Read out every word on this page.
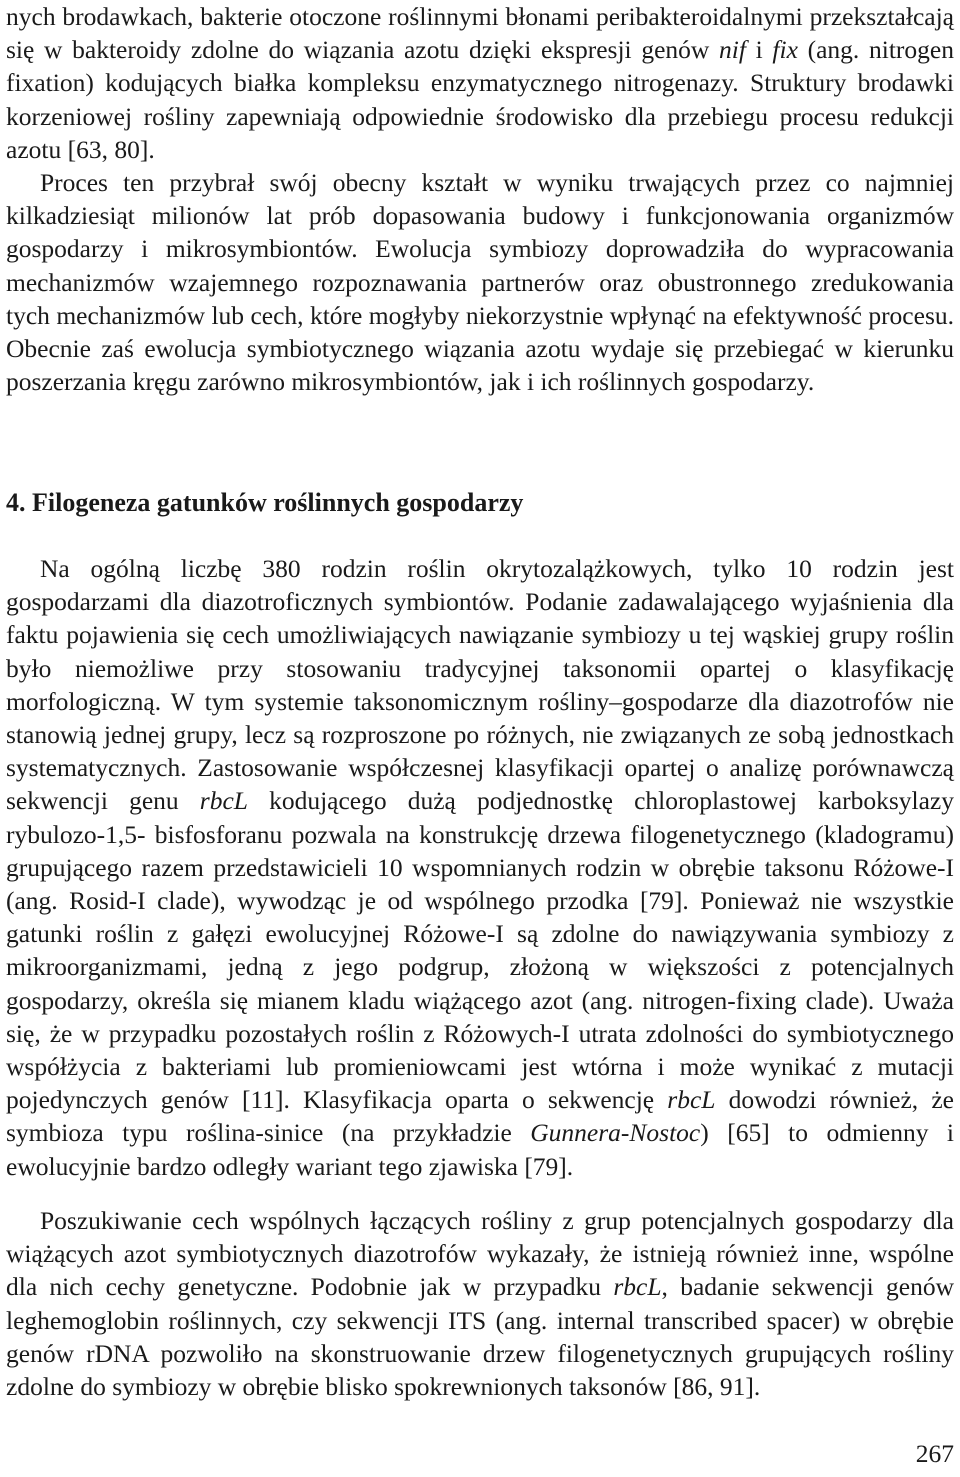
nych brodawkach, bakterie otoczone roślinnymi błonami peribakteroidalnymi przekształcają się w bakteroidy zdolne do wiązania azotu dzięki ekspresji genów nif i fix (ang. nitrogen fixation) kodujących białka kompleksu enzymatycznego nitrogenazy. Struktury brodawki korzeniowej rośliny zapewniają odpowiednie środowisko dla przebiegu procesu redukcji azotu [63, 80].

Proces ten przybrał swój obecny kształt w wyniku trwających przez co najmniej kilkadziesiąt milionów lat prób dopasowania budowy i funkcjonowania organizmów gospodarzy i mikrosymbiontów. Ewolucja symbiozy doprowadziła do wypracowania mechanizmów wzajemnego rozpoznawania partnerów oraz obustronnego zredukowania tych mechanizmów lub cech, które mogłyby niekorzystnie wpłynąć na efektywność procesu. Obecnie zaś ewolucja symbiotycznego wiązania azotu wydaje się przebiegać w kierunku poszerzania kręgu zarówno mikrosymbiontów, jak i ich roślinnych gospodarzy.

4. Filogeneza gatunków roślinnych gospodarzy

Na ogólną liczbę 380 rodzin roślin okrytozalążkowych, tylko 10 rodzin jest gospodarzami dla diazotroficznych symbiontów. Podanie zadawalającego wyjaśnienia dla faktu pojawienia się cech umożliwiających nawiązanie symbiozy u tej wąskiej grupy roślin było niemożliwe przy stosowaniu tradycyjnej taksonomii opartej o klasyfikację morfologiczną. W tym systemie taksonomicznym rośliny–gospodarze dla diazotrofów nie stanowią jednej grupy, lecz są rozproszone po różnych, nie związanych ze sobą jednostkach systematycznych. Zastosowanie współczesnej klasyfikacji opartej o analizę porównawczą sekwencji genu rbcL kodującego dużą podjednostkę chloroplastowej karboksylazy rybulozo-1,5- bisfosforanu pozwala na konstrukcję drzewa filogenetycznego (kladogramu) grupującego razem przedstawicieli 10 wspomnianych rodzin w obrębie taksonu Różowe-I (ang. Rosid-I clade), wywodząc je od wspólnego przodka [79]. Ponieważ nie wszystkie gatunki roślin z gałęzi ewolucyjnej Różowe-I są zdolne do nawiązywania symbiozy z mikroorganizmami, jedną z jego podgrup, złożoną w większości z potencjalnych gospodarzy, określa się mianem kladu wiążącego azot (ang. nitrogen-fixing clade). Uważa się, że w przypadku pozostałych roślin z Różowych-I utrata zdolności do symbiotycznego współżycia z bakteriami lub promieniowcami jest wtórna i może wynikać z mutacji pojedynczych genów [11]. Klasyfikacja oparta o sekwencję rbcL dowodzi również, że symbioza typu roślina-sinice (na przykładzie Gunnera-Nostoc) [65] to odmienny i ewolucyjnie bardzo odległy wariant tego zjawiska [79].

Poszukiwanie cech wspólnych łączących rośliny z grup potencjalnych gospodarzy dla wiążących azot symbiotycznych diazotrofów wykazały, że istnieją również inne, wspólne dla nich cechy genetyczne. Podobnie jak w przypadku rbcL, badanie sekwencji genów leghemoglobin roślinnych, czy sekwencji ITS (ang. internal transcribed spacer) w obrębie genów rDNA pozwoliło na skonstruowanie drzew filogenetycznych grupujących rośliny zdolne do symbiozy w obrębie blisko spokrewnionych taksonów [86, 91].

267
